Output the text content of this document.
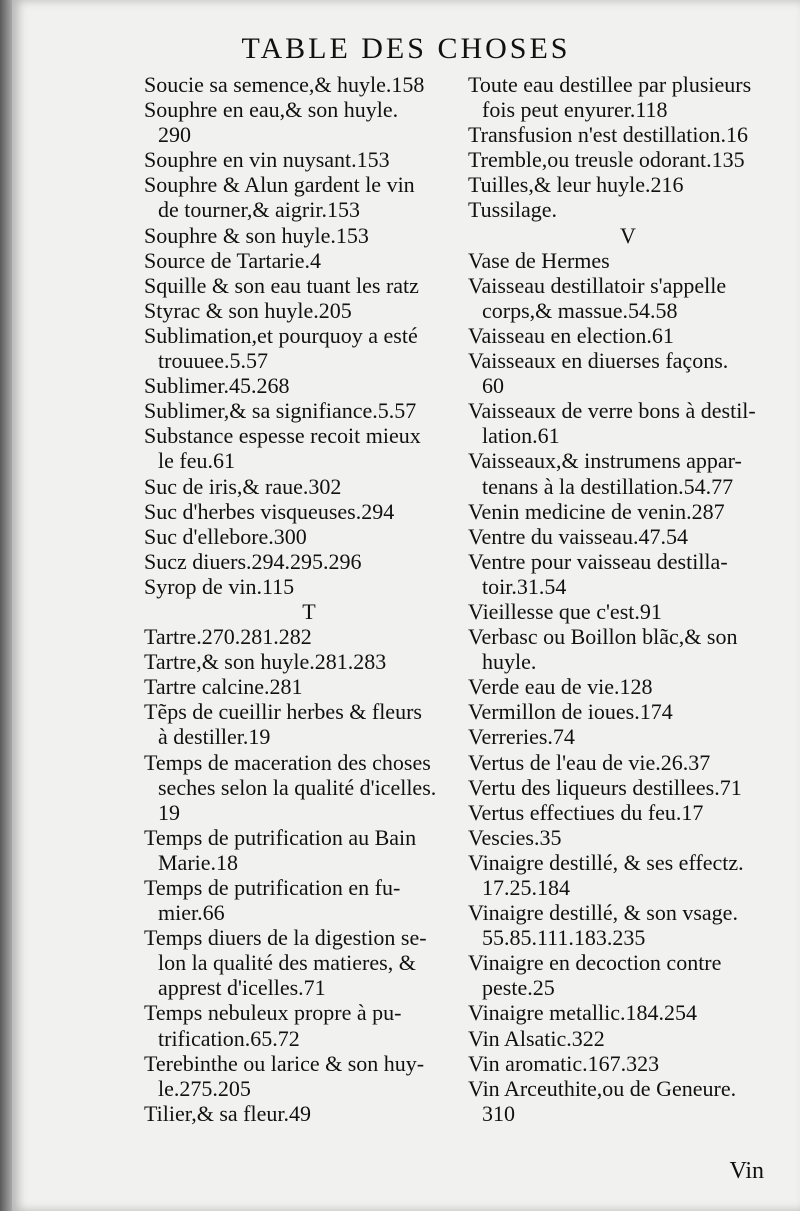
TABLE DES CHOSES
Soucie sa semence,& huyle.158
Souphre en eau,& son huyle.
290
Souphre en vin nuysant.153
Souphre & Alun gardent le vin
de tourner,& aigrir.153
Souphre & son huyle.153
Source de Tartarie.4
Squille & son eau tuant les ratz
Styrac & son huyle.205
Sublimation,et pourquoy a esté
trouuee.5.57
Sublimer.45.268
Sublimer,& sa signifiance.5.57
Substance espesse recoit mieux
le feu.61
Suc de iris,& raue.302
Suc d'herbes visqueuses.294
Suc d'ellebore.300
Sucz diuers.294.295.296
Syrop de vin.115
T
Tartre.270.281.282
Tartre,& son huyle.281.283
Tartre calcine.281
Tẽps de cueillir herbes & fleurs
à destiller.19
Temps de maceration des choses
seches selon la qualité d'icelles.
19
Temps de putrification au Bain
Marie.18
Temps de putrification en fu-
mier.66
Temps diuers de la digestion se-
lon la qualité des matieres, &
apprest d'icelles.71
Temps nebuleux propre à pu-
trification.65.72
Terebinthe ou larice & son huy-
le.275.205
Tilier,& sa fleur.49
Toute eau destillee par plusieurs
fois peut enyurer.118
Transfusion n'est destillation.16
Tremble,ou treusle odorant.135
Tuilles,& leur huyle.216
Tussilage.
V
Vase de Hermes
Vaisseau destillatoir s'appelle
corps,& massue.54.58
Vaisseau en election.61
Vaisseaux en diuerses façons.
60
Vaisseaux de verre bons à destil-
lation.61
Vaisseaux,& instrumens appar-
tenans à la destillation.54.77
Venin medicine de venin.287
Ventre du vaisseau.47.54
Ventre pour vaisseau destilla-
toir.31.54
Vieillesse que c'est.91
Verbasc ou Boillon blãc,& son
huyle.
Verde eau de vie.128
Vermillon de ioues.174
Verreries.74
Vertus de l'eau de vie.26.37
Vertu des liqueurs destillees.71
Vertus effectiues du feu.17
Vescies.35
Vinaigre destillé, & ses effectz.
17.25.184
Vinaigre destillé, & son vsage.
55.85.111.183.235
Vinaigre en decoction contre
peste.25
Vinaigre metallic.184.254
Vin Alsatic.322
Vin aromatic.167.323
Vin Arceuthite,ou de Geneure.
310
Vin
